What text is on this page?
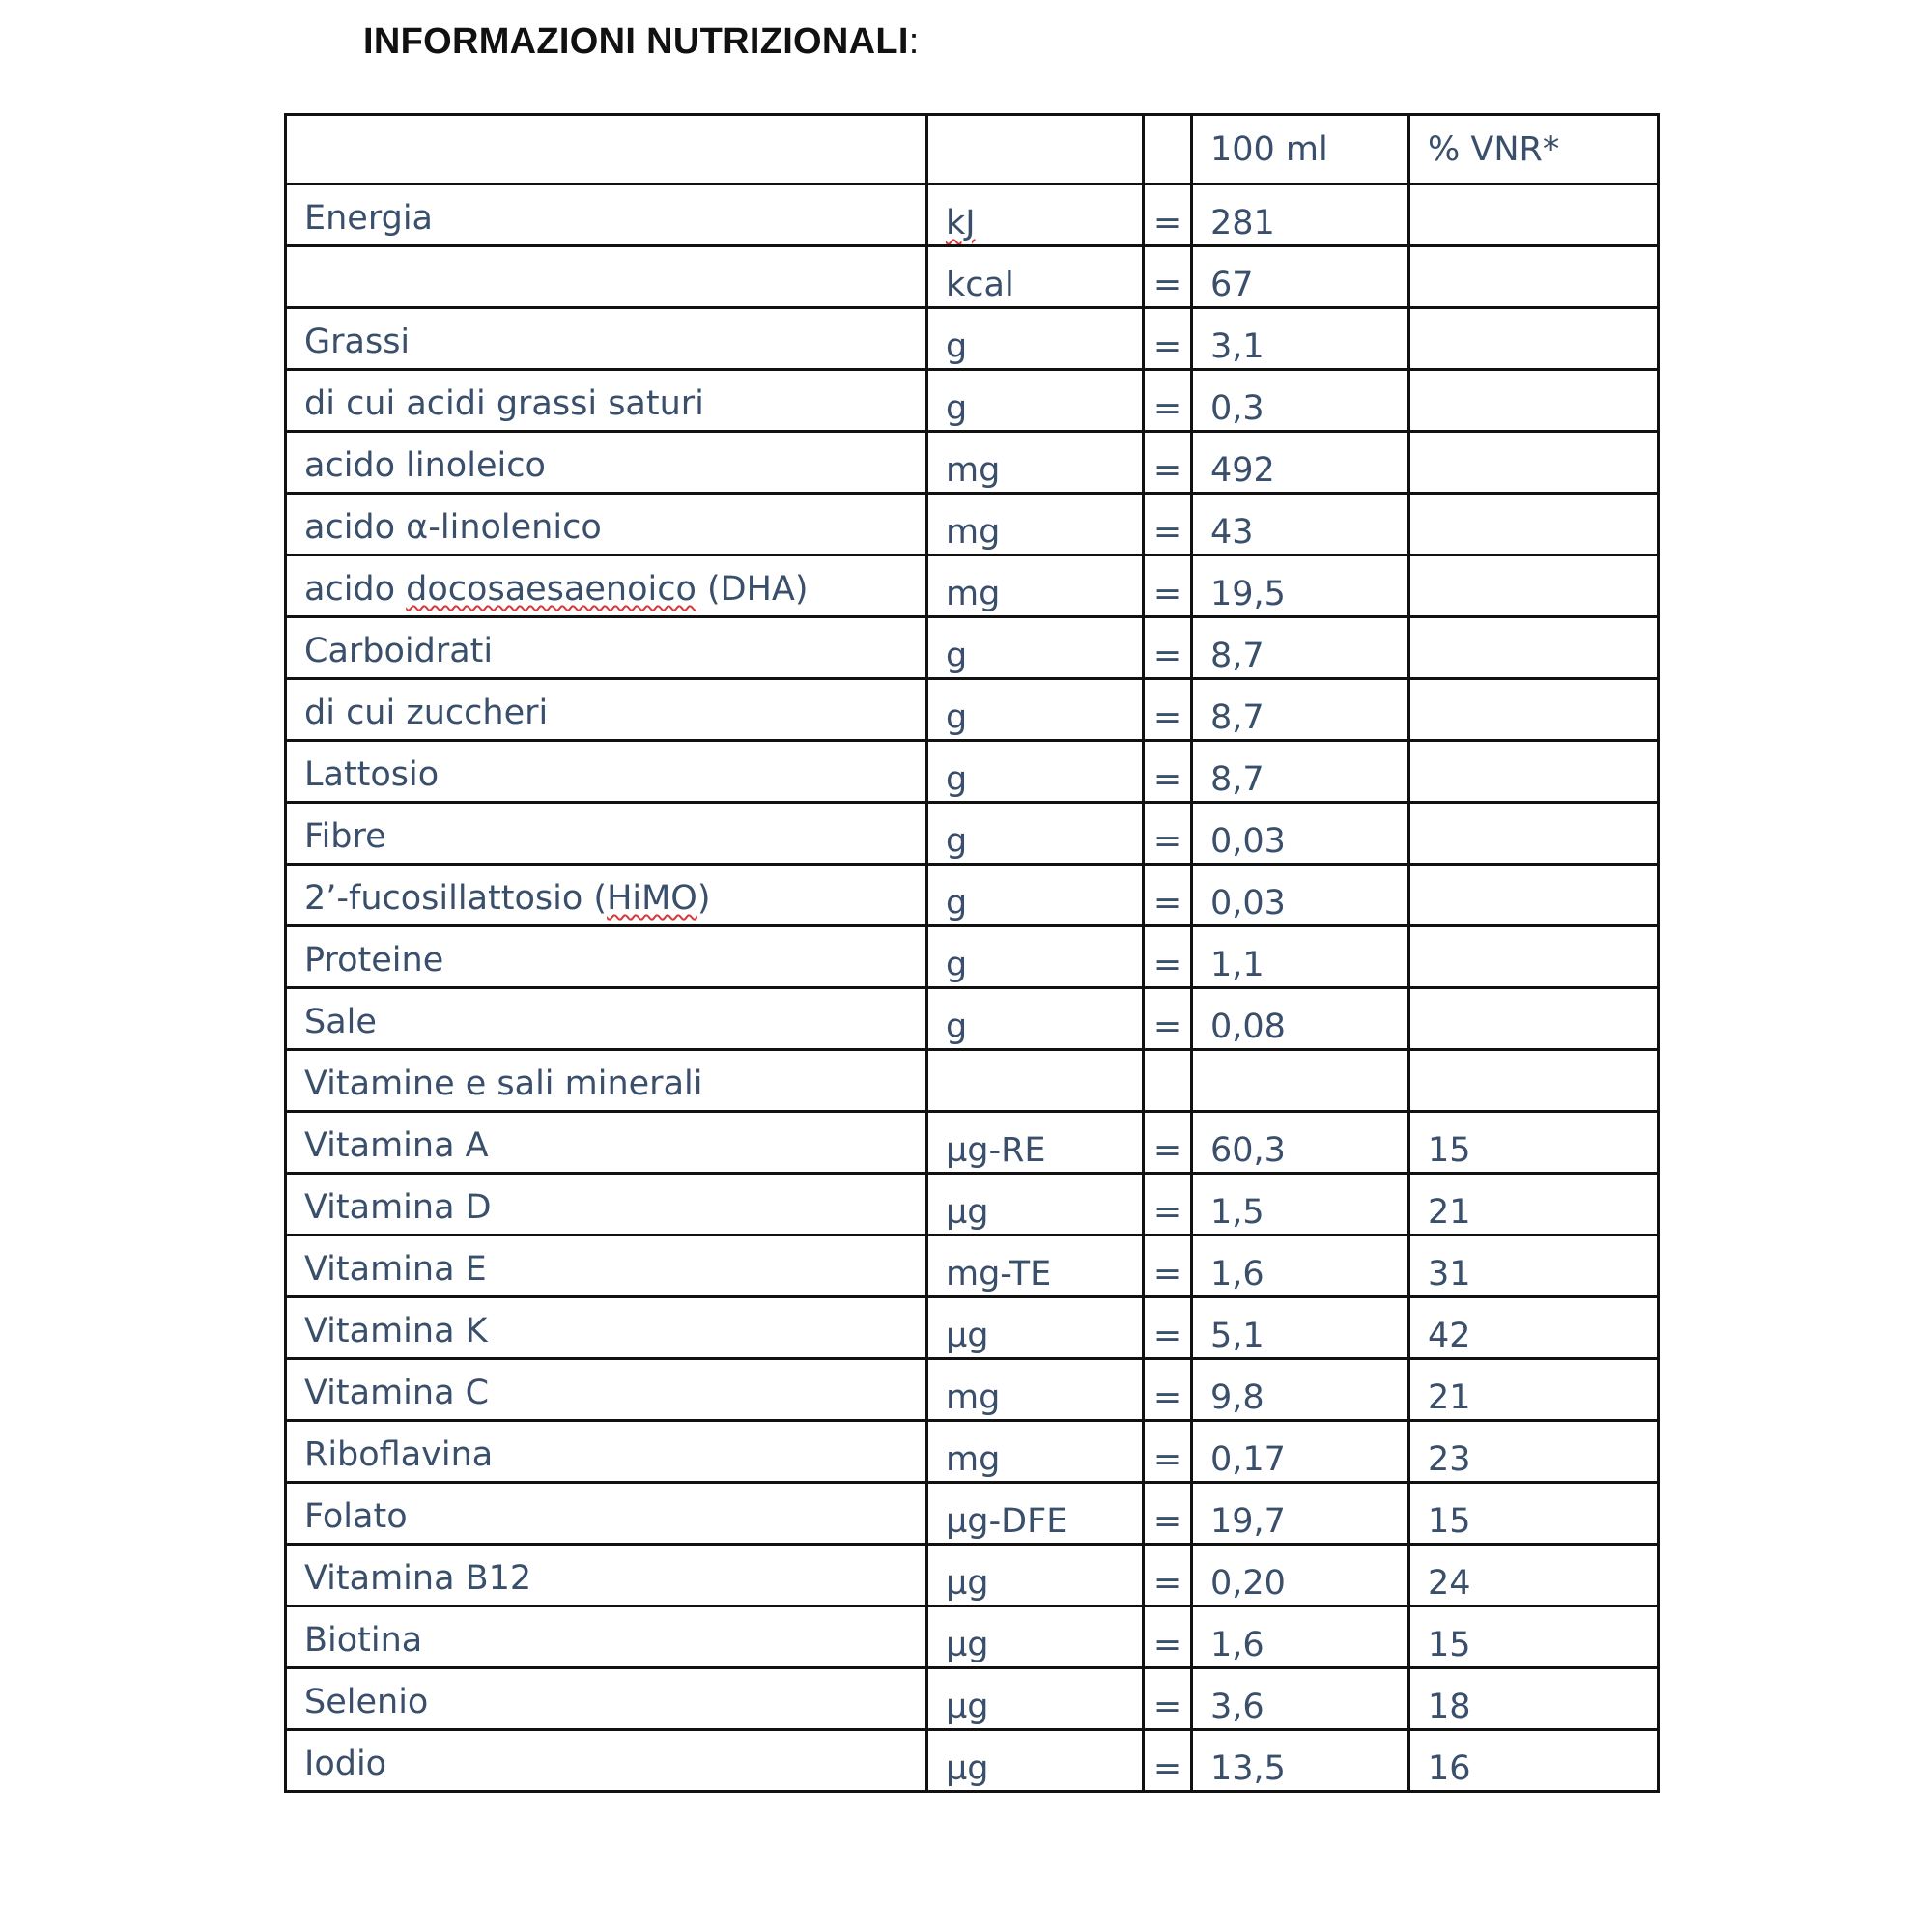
INFORMAZIONI NUTRIZIONALI:
			100 ml	% VNR*
Energia	kJ	=	281	
	kcal	=	67	
Grassi	g	=	3,1	
di cui acidi grassi saturi	g	=	0,3	
acido linoleico	mg	=	492	
acido α-linolenico	mg	=	43	
acido docosaesaenoico (DHA)	mg	=	19,5	
Carboidrati	g	=	8,7	
di cui zuccheri	g	=	8,7	
Lattosio	g	=	8,7	
Fibre	g	=	0,03	
2’-fucosillattosio (HiMO)	g	=	0,03	
Proteine	g	=	1,1	
Sale	g	=	0,08	
Vitamine e sali minerali				
Vitamina A	µg-RE	=	60,3	15
Vitamina D	µg	=	1,5	21
Vitamina E	mg-TE	=	1,6	31
Vitamina K	µg	=	5,1	42
Vitamina C	mg	=	9,8	21
Riboflavina	mg	=	0,17	23
Folato	µg-DFE	=	19,7	15
Vitamina B12	µg	=	0,20	24
Biotina	µg	=	1,6	15
Selenio	µg	=	3,6	18
Iodio	µg	=	13,5	16
